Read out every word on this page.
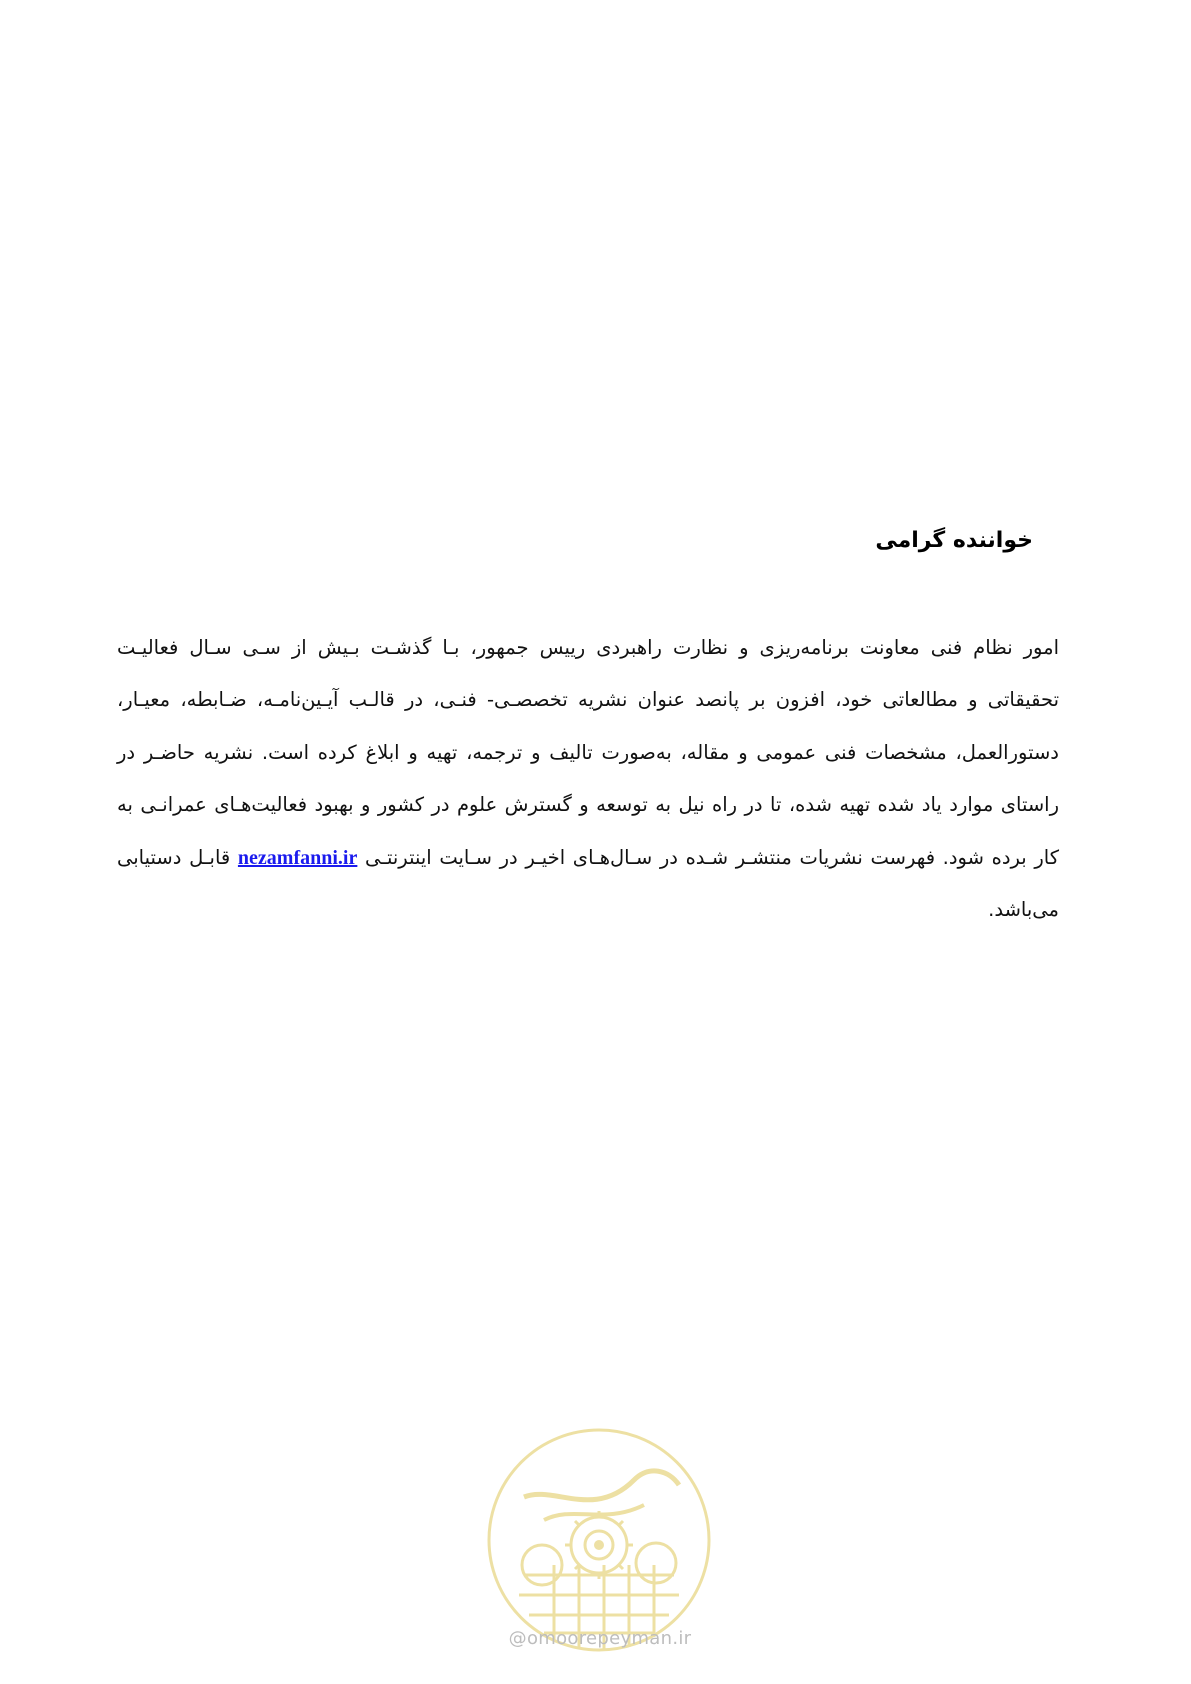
خواننده گرامی
امور نظام فنی معاونت برنامه‌ریزی و نظارت راهبردی رییس جمهور، بـا گذشـت بـیش از سـی سـال فعالیـت تحقیقاتی و مطالعاتی خود، افزون بر پانصد عنوان نشریه تخصصـی- فنـی، در قالـب آیـین‌نامـه، ضـابطه، معیـار، دستورالعمل، مشخصات فنی عمومی و مقاله، به‌صورت تالیف و ترجمه، تهیه و ابلاغ کرده است. نشریه حاضـر در راستای موارد یاد شده تهیه شده، تا در راه نیل به توسعه و گسترش علوم در کشور و بهبود فعالیت‌هـای عمرانـی به کار برده شود. فهرست نشریات منتشـر شـده در سـال‌هـای اخیـر در سـایت اینترنتـی nezamfanni.ir قابـل دستیابی می‌باشد.
@omoorepeyman.ir
